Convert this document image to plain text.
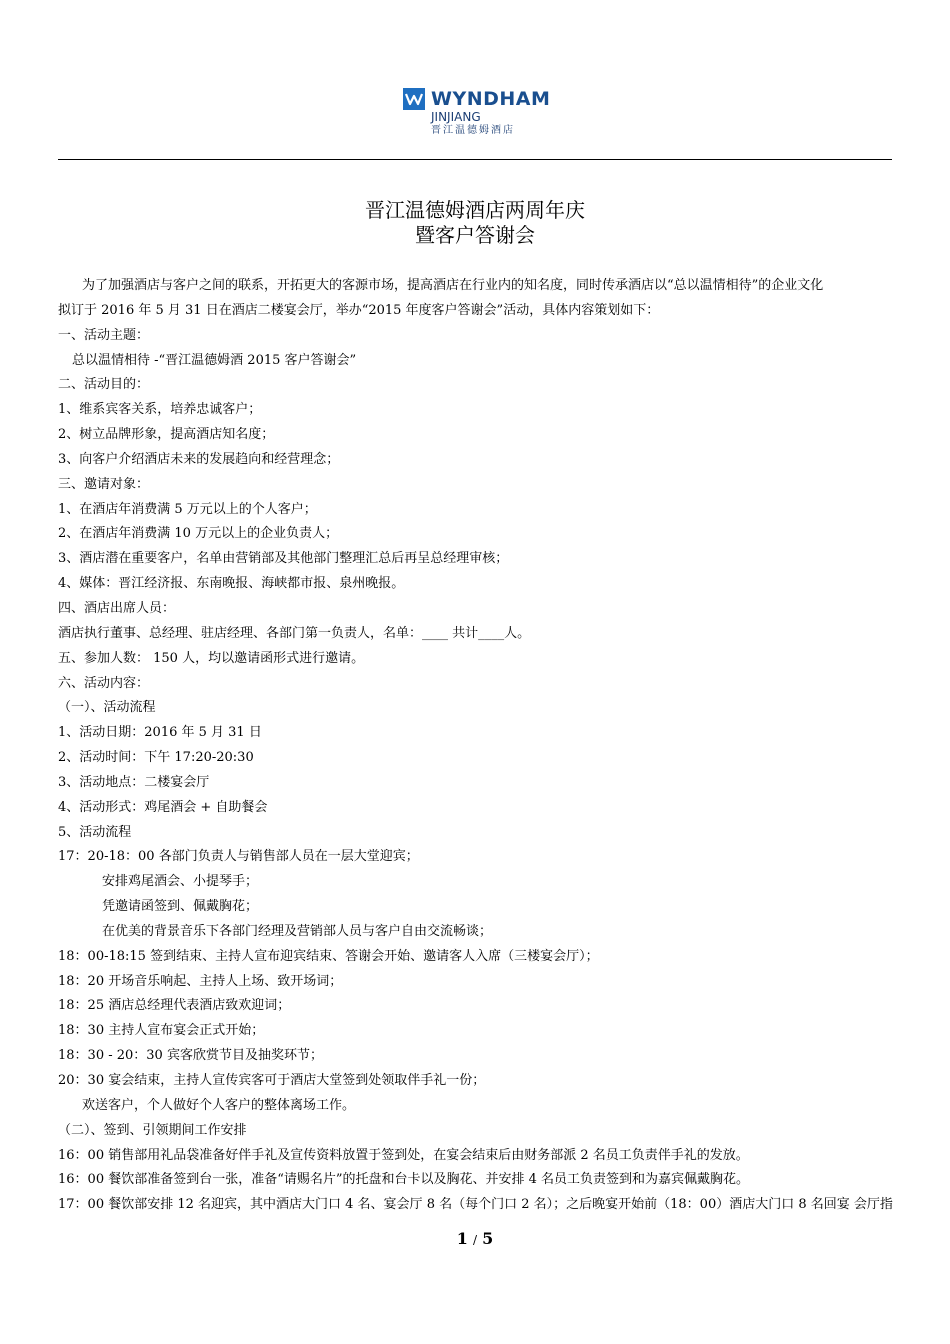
WYNDHAM
JINJIANG
晋江温德姆酒店
晋江温德姆酒店两周年庆
暨客户答谢会
为了加强酒店与客户之间的联系，开拓更大的客源市场，提高酒店在行业内的知名度，同时传承酒店以“总以温情相待”的企业文化
拟订于 2016 年 5 月 31 日在酒店二楼宴会厅，举办“2015 年度客户答谢会”活动，具体内容策划如下：
一、活动主题：
总以温情相待 -“晋江温德姆酒 2015 客户答谢会”
二、活动目的：
1、维系宾客关系，培养忠诚客户；
2、树立品牌形象，提高酒店知名度；
3、向客户介绍酒店未来的发展趋向和经营理念；
三、邀请对象：
1、在酒店年消费满 5 万元以上的个人客户；
2、在酒店年消费满 10 万元以上的企业负责人；
3、酒店潜在重要客户，名单由营销部及其他部门整理汇总后再呈总经理审核；
4、媒体：晋江经济报、东南晚报、海峡都市报、泉州晚报。
四、酒店出席人员：
酒店执行董事、总经理、驻店经理、各部门第一负责人，名单：____ 共计____人。
五、参加人数： 150 人，均以邀请函形式进行邀请。
六、活动内容：
（一）、活动流程
1、活动日期：2016 年 5 月 31 日
2、活动时间：下午 17:20-20:30
3、活动地点：二楼宴会厅
4、活动形式：鸡尾酒会 + 自助餐会
5、活动流程
17：20-18：00 各部门负责人与销售部人员在一层大堂迎宾；
安排鸡尾酒会、小提琴手；
凭邀请函签到、佩戴胸花；
在优美的背景音乐下各部门经理及营销部人员与客户自由交流畅谈；
18：00-18:15 签到结束、主持人宣布迎宾结束、答谢会开始、邀请客人入席（三楼宴会厅）；
18：20 开场音乐响起、主持人上场、致开场词；
18：25 酒店总经理代表酒店致欢迎词；
18：30 主持人宣布宴会正式开始；
18：30 - 20：30 宾客欣赏节目及抽奖环节；
20：30 宴会结束，主持人宣传宾客可于酒店大堂签到处领取伴手礼一份；
欢送客户，个人做好个人客户的整体离场工作。
（二）、签到、引领期间工作安排
16：00 销售部用礼品袋准备好伴手礼及宣传资料放置于签到处，在宴会结束后由财务部派 2 名员工负责伴手礼的发放。
16：00 餐饮部准备签到台一张，准备“请赐名片”的托盘和台卡以及胸花、并安排 4 名员工负责签到和为嘉宾佩戴胸花。
17：00 餐饮部安排 12 名迎宾，其中酒店大门口 4 名、宴会厅 8 名（每个门口 2 名）；之后晚宴开始前（18：00）酒店大门口 8 名回宴 会厅指
1 / 5
